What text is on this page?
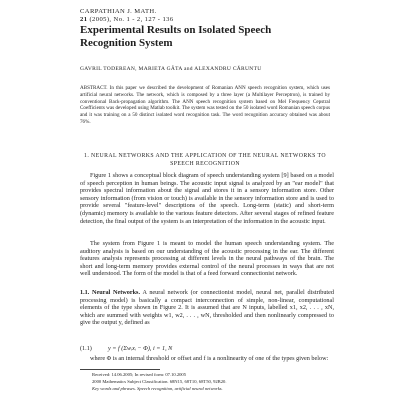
CARPATHIAN J. MATH.
21 (2005), No. 1 - 2, 127 - 136
Experimental Results on Isolated Speech Recognition System
GAVRIL TODEREAN, MARIETA GÂTA and ALEXANDRU CĂRUNTU
ABSTRACT. In this paper we described the development of Romanian ANN speech recognition system, which uses artificial neural networks. The network, which is composed by a three layer (a Multilayer Perceptron), is trained by conventional Back-propagation algorithm. The ANN speech recognition system based on Mel Frequency Cepstral Coefficients was developed using Matlab toolkit. The system was tested on the 50 isolated word Romanian speech corpus and it was training on a 50 distinct isolated word recognition task. The word recognition accuracy obtained was about 76%.
1. NEURAL NETWORKS AND THE APPLICATION OF THE NEURAL NETWORKS TO SPEECH RECOGNITION
Figure 1 shows a conceptual block diagram of speech understanding system [9] based on a model of speech perception in human beings. The acoustic input signal is analyzed by an "ear model" that provides spectral information about the signal and stores it in a sensory information store. Other sensory information (from vision or touch) is available in the sensory information store and is used to provide several "feature-level" descriptions of the speech. Long-term (static) and short-term (dynamic) memory is available to the various feature detectors. After several stages of refined feature detection, the final output of the system is an interpretation of the information in the acoustic input.
The system from Figure 1 is meant to model the human speech understanding system. The auditory analysis is based on our understanding of the acoustic processing in the ear. The different features analysis represents processing at different levels in the neural pathways of the brain. The short and long-term memory provides external control of the neural processes in ways that are not well understood. The form of the model is that of a feed forward connectionist network.
1.1. Neural Networks. A neural network (or connectionist model, neural net, parallel distributed processing model) is basically a compact interconnection of simple, non-linear, computational elements of the type shown in Figure 2. It is assumed that are N inputs, labelled x1, x2, . . . , xN, which are summed with weights w1, w2, . . . , wN, thresholded and then nonlinearly compressed to give the output y, defined as
(1.1)	y = f (Σwᵢxᵢ − Φ), i = 1, N
where Φ is an internal threshold or offset and f is a nonlinearity of one of the types given below:
Received: 14.06.2005; In revised form: 07.10.2005
2000 Mathematics Subject Classification. 68N15, 68T10, 68T50, 92B20.
Key words and phrases. Speech recognition, artificial neural networks.
